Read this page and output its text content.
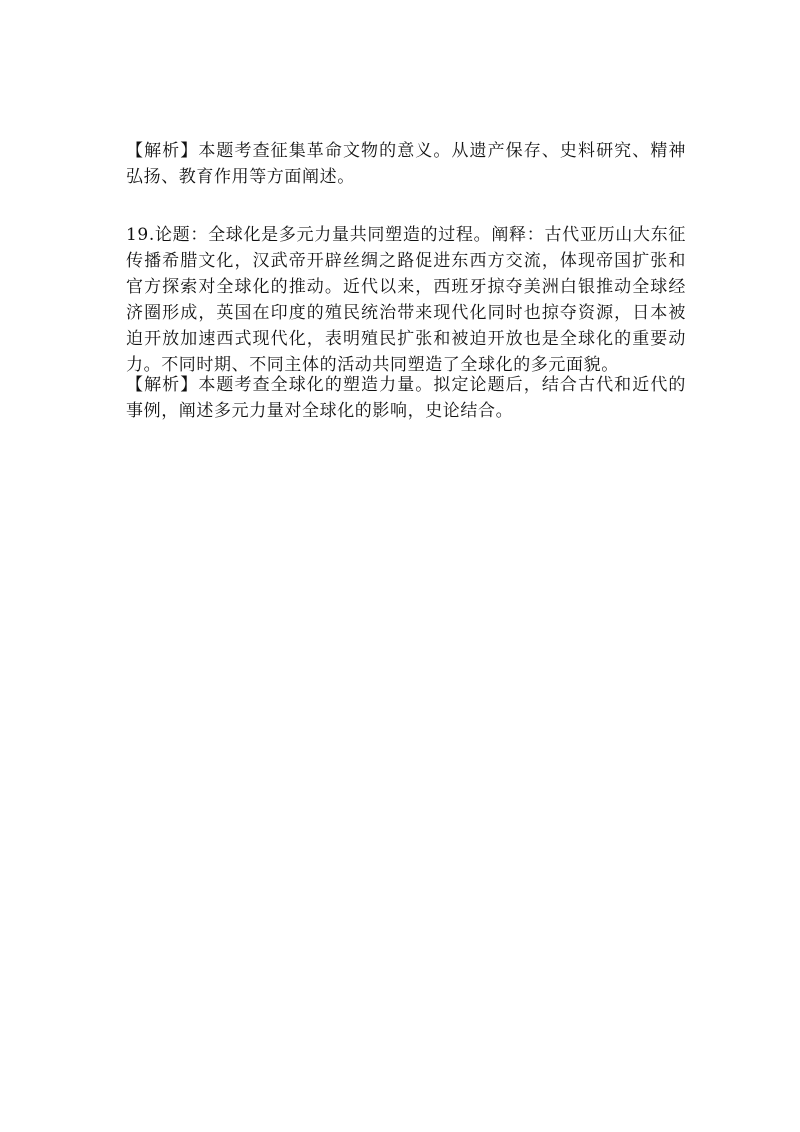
【解析】本题考查征集革命文物的意义。从遗产保存、史料研究、精神弘扬、教育作用等方面阐述。

19.论题：全球化是多元力量共同塑造的过程。阐释：古代亚历山大东征传播希腊文化，汉武帝开辟丝绸之路促进东西方交流，体现帝国扩张和官方探索对全球化的推动。近代以来，西班牙掠夺美洲白银推动全球经济圈形成，英国在印度的殖民统治带来现代化同时也掠夺资源，日本被迫开放加速西式现代化，表明殖民扩张和被迫开放也是全球化的重要动力。不同时期、不同主体的活动共同塑造了全球化的多元面貌。

【解析】本题考查全球化的塑造力量。拟定论题后，结合古代和近代的事例，阐述多元力量对全球化的影响，史论结合。
